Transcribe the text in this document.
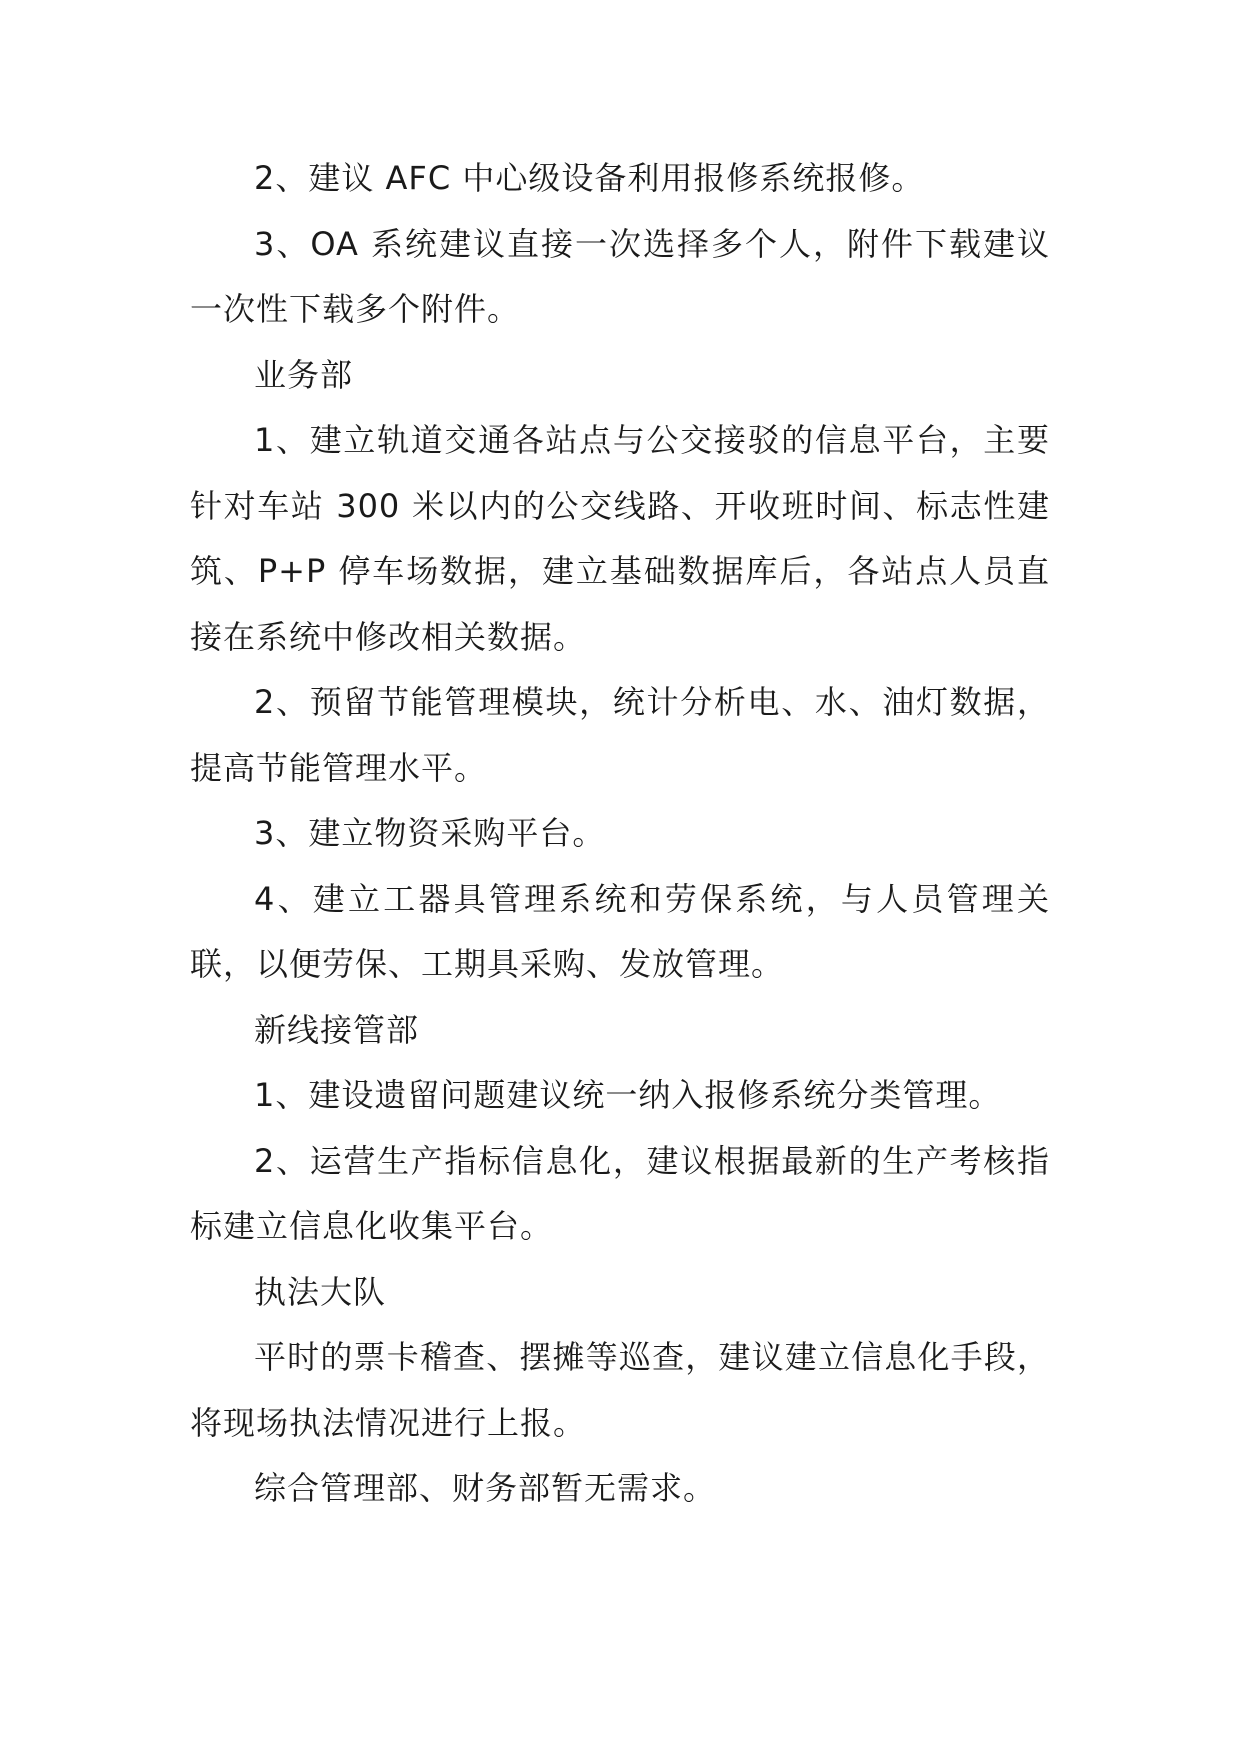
2、建议 AFC 中心级设备利用报修系统报修。

3、OA 系统建议直接一次选择多个人，附件下载建议一次性下载多个附件。

业务部

1、建立轨道交通各站点与公交接驳的信息平台，主要针对车站 300 米以内的公交线路、开收班时间、标志性建筑、P+P 停车场数据，建立基础数据库后，各站点人员直接在系统中修改相关数据。

2、预留节能管理模块，统计分析电、水、油灯数据，提高节能管理水平。

3、建立物资采购平台。

4、建立工器具管理系统和劳保系统，与人员管理关联，以便劳保、工期具采购、发放管理。

新线接管部

1、建设遗留问题建议统一纳入报修系统分类管理。

2、运营生产指标信息化，建议根据最新的生产考核指标建立信息化收集平台。

执法大队

平时的票卡稽查、摆摊等巡查，建议建立信息化手段，将现场执法情况进行上报。

综合管理部、财务部暂无需求。
